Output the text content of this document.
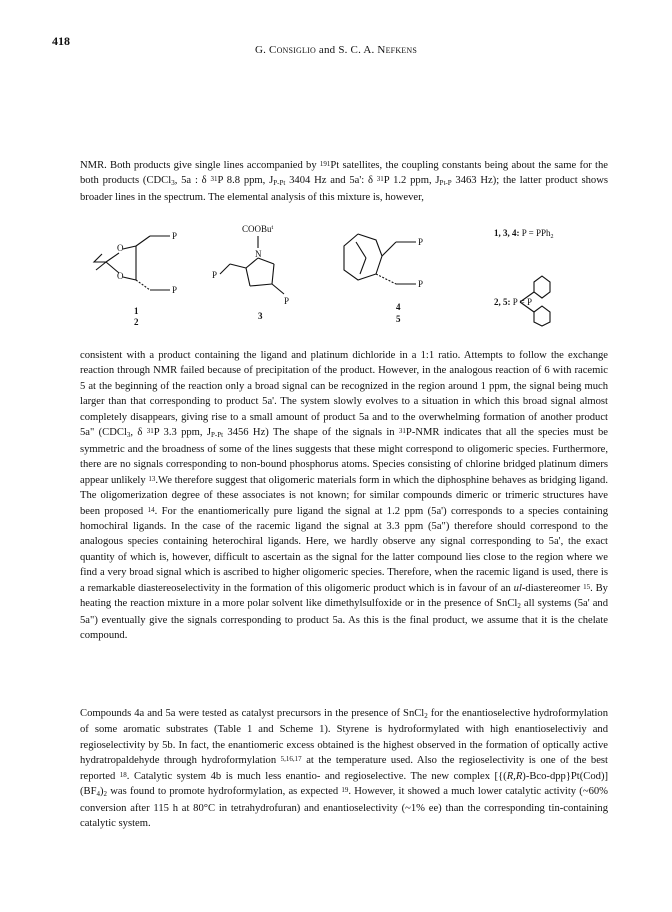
418
G. Consiglio and S. C. A. Nefkens
NMR. Both products give single lines accompanied by $^{191}$Pt satellites, the coupling constants being about the same for the both products (CDCl$_3$, 5a : δ $^{31}$P 8.8 ppm, $J_{P-Pt}$ 3404 Hz and 5a': δ $^{31}$P 1.2 ppm, $J_{Pt-P}$ 3463 Hz); the latter product shows broader lines in the spectrum. The elemental analysis of this mixture is, however,
P
P
O
O
1
2
COOBu$^t$
N
P
P
3
P
P
4
5
1, 3, 4: P = PPh$_2$
2, 5: P = P
consistent with a product containing the ligand and platinum dichloride in a 1:1 ratio. Attempts to follow the exchange reaction through NMR failed because of precipitation of the product. However, in the analogous reaction of 6 with racemic 5 at the beginning of the reaction only a broad signal can be recognized in the region around 1 ppm, the signal being much larger than that corresponding to product 5a'. The system slowly evolves to a situation in which this broad signal almost completely disappears, giving rise to a small amount of product 5a and to the overwhelming formation of another product 5a" (CDCl$_3$, δ $^{31}$P 3.3 ppm, $J_{P-Pt}$ 3456 Hz) The shape of the signals in $^{31}$P-NMR indicates that all the species must be symmetric and the broadness of some of the lines suggests that these might correspond to oligomeric species. Furthermore, there are no signals corresponding to non-bound phosphorus atoms. Species consisting of chlorine bridged platinum dimers appear unlikely $^{13}$.We therefore suggest that oligomeric materials form in which the diphosphine behaves as bridging ligand. The oligomerization degree of these associates is not known; for similar compounds dimeric or trimeric structures have been proposed $^{14}$. For the enantiomerically pure ligand the signal at 1.2 ppm (5a') corresponds to a species containing homochiral ligands. In the case of the racemic ligand the signal at 3.3 ppm (5a") therefore should correspond to the analogous species containing heterochiral ligands. Here, we hardly observe any signal corresponding to 5a', the exact quantity of which is, however, difficult to ascertain as the signal for the latter compound lies close to the region where we find a very broad signal which is ascribed to higher oligomeric species. Therefore, when the racemic ligand is used, there is a remarkable diastereoselectivity in the formation of this oligomeric product which is in favour of an ul-diastereomer $^{15}$. By heating the reaction mixture in a more polar solvent like dimethylsulfoxide or in the presence of SnCl$_2$ all systems (5a' and 5a") eventually give the signals corresponding to product 5a. As this is the final product, we assume that it is the chelate compound.
Compounds 4a and 5a were tested as catalyst precursors in the presence of SnCl$_2$ for the enantioselective hydroformylation of some aromatic substrates (Table 1 and Scheme 1). Styrene is hydroformylated with high enantioselectiviy and regioselectivity by 5b. In fact, the enantiomeric excess obtained is the highest observed in the formation of optically active hydratropaldehyde through hydroformylation $^{5,16,17}$ at the temperature used. Also the regioselectivity is one of the best reported $^{18}$. Catalytic system 4b is much less enantio- and regioselective. The new complex $[\{(R,R)-Bco-dpp\}Pt(Cod)](BF_4)_2$ was found to promote hydroformylation, as expected $^{19}$. However, it showed a much lower catalytic activity (~60% conversion after 115 h at 80°C in tetrahydrofuran) and enantioselectivity (~1% ee) than the corresponding tin-containing catalytic system.
